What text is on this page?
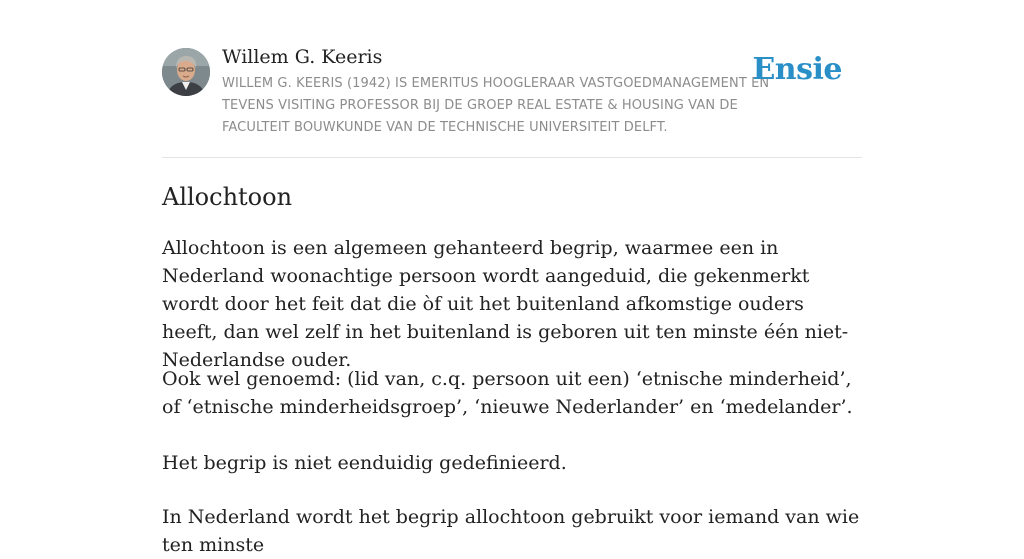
Willem G. Keeris
WILLEM G. KEERIS (1942) IS EMERITUS HOOGLERAAR VASTGOEDMANAGEMENT EN TEVENS VISITING PROFESSOR BIJ DE GROEP REAL ESTATE & HOUSING VAN DE FACULTEIT BOUWKUNDE VAN DE TECHNISCHE UNIVERSITEIT DELFT.
Ensie
Allochtoon

Allochtoon is een algemeen gehanteerd begrip, waarmee een in Nederland woonachtige persoon wordt aangeduid, die gekenmerkt wordt door het feit dat die òf uit het buitenland afkomstige ouders heeft, dan wel zelf in het buitenland is geboren uit ten minste één niet-Nederlandse ouder.

Ook wel genoemd: (lid van, c.q. persoon uit een) ‘etnische minderheid’, of ‘etnische minderheidsgroep’, ‘nieuwe Nederlander’ en ‘medelander’.

Het begrip is niet eenduidig gedefinieerd.

In Nederland wordt het begrip allochtoon gebruikt voor iemand van wie ten minste
